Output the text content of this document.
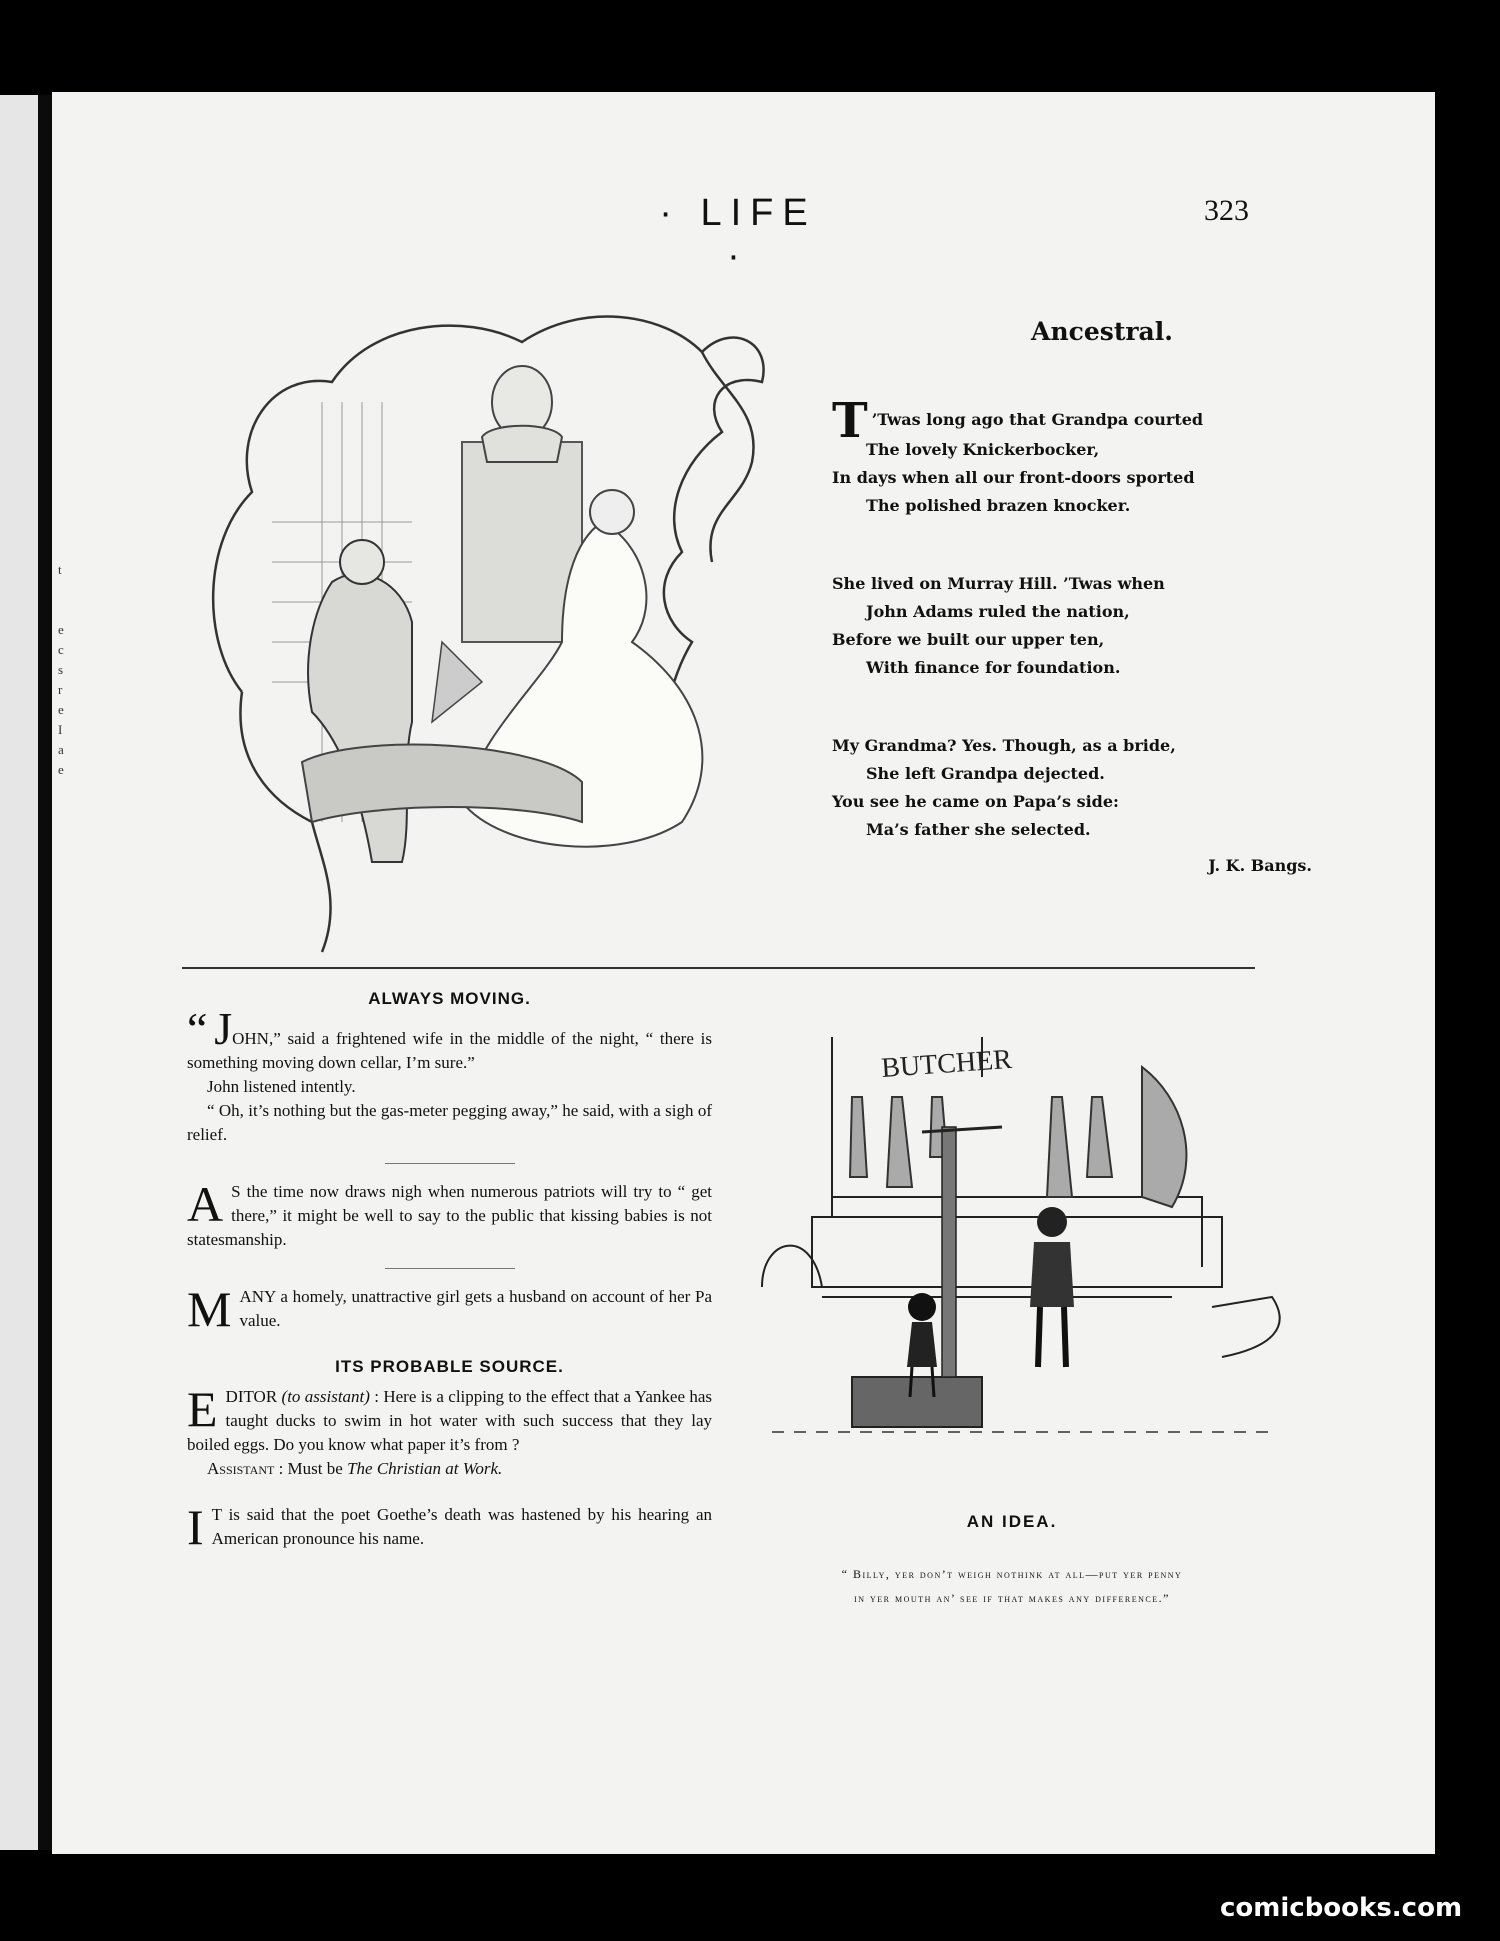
t
e
c
s
r
e
I
a
e
· LIFE ·
323
Ancestral.
T ’Twas long ago that Grandpa courted
The lovely Knickerbocker,
In days when all our front-doors sported
The polished brazen knocker.
She lived on Murray Hill. ’Twas when
John Adams ruled the nation,
Before we built our upper ten,
With finance for foundation.
My Grandma? Yes. Though, as a bride,
She left Grandpa dejected.
You see he came on Papa’s side:
Ma’s father she selected.
J. K. Bangs.
ALWAYS MOVING.

“ JOHN,” said a frightened wife in the middle of the night, “ there is something moving down cellar, I’m sure.”

John listened intently.

“ Oh, it’s nothing but the gas-meter pegging away,” he said, with a sigh of relief.

A S the time now draws nigh when numerous patriots will try to “ get there,” it might be well to say to the public that kissing babies is not statesmanship.

MANY a homely, unattractive girl gets a husband on account of her Pa value.

ITS PROBABLE SOURCE.

EDITOR (to assistant) : Here is a clipping to the effect that a Yankee has taught ducks to swim in hot water with such success that they lay boiled eggs. Do you know what paper it’s from ?

Assistant : Must be The Christian at Work.

I T is said that the poet Goethe’s death was hastened by his hearing an American pronounce his name.

BUTCHER
AN IDEA.
“ Billy, yer don’t weigh nothink at all—put yer penny
in yer mouth an’ see if that makes any difference.”
comicbooks.com
